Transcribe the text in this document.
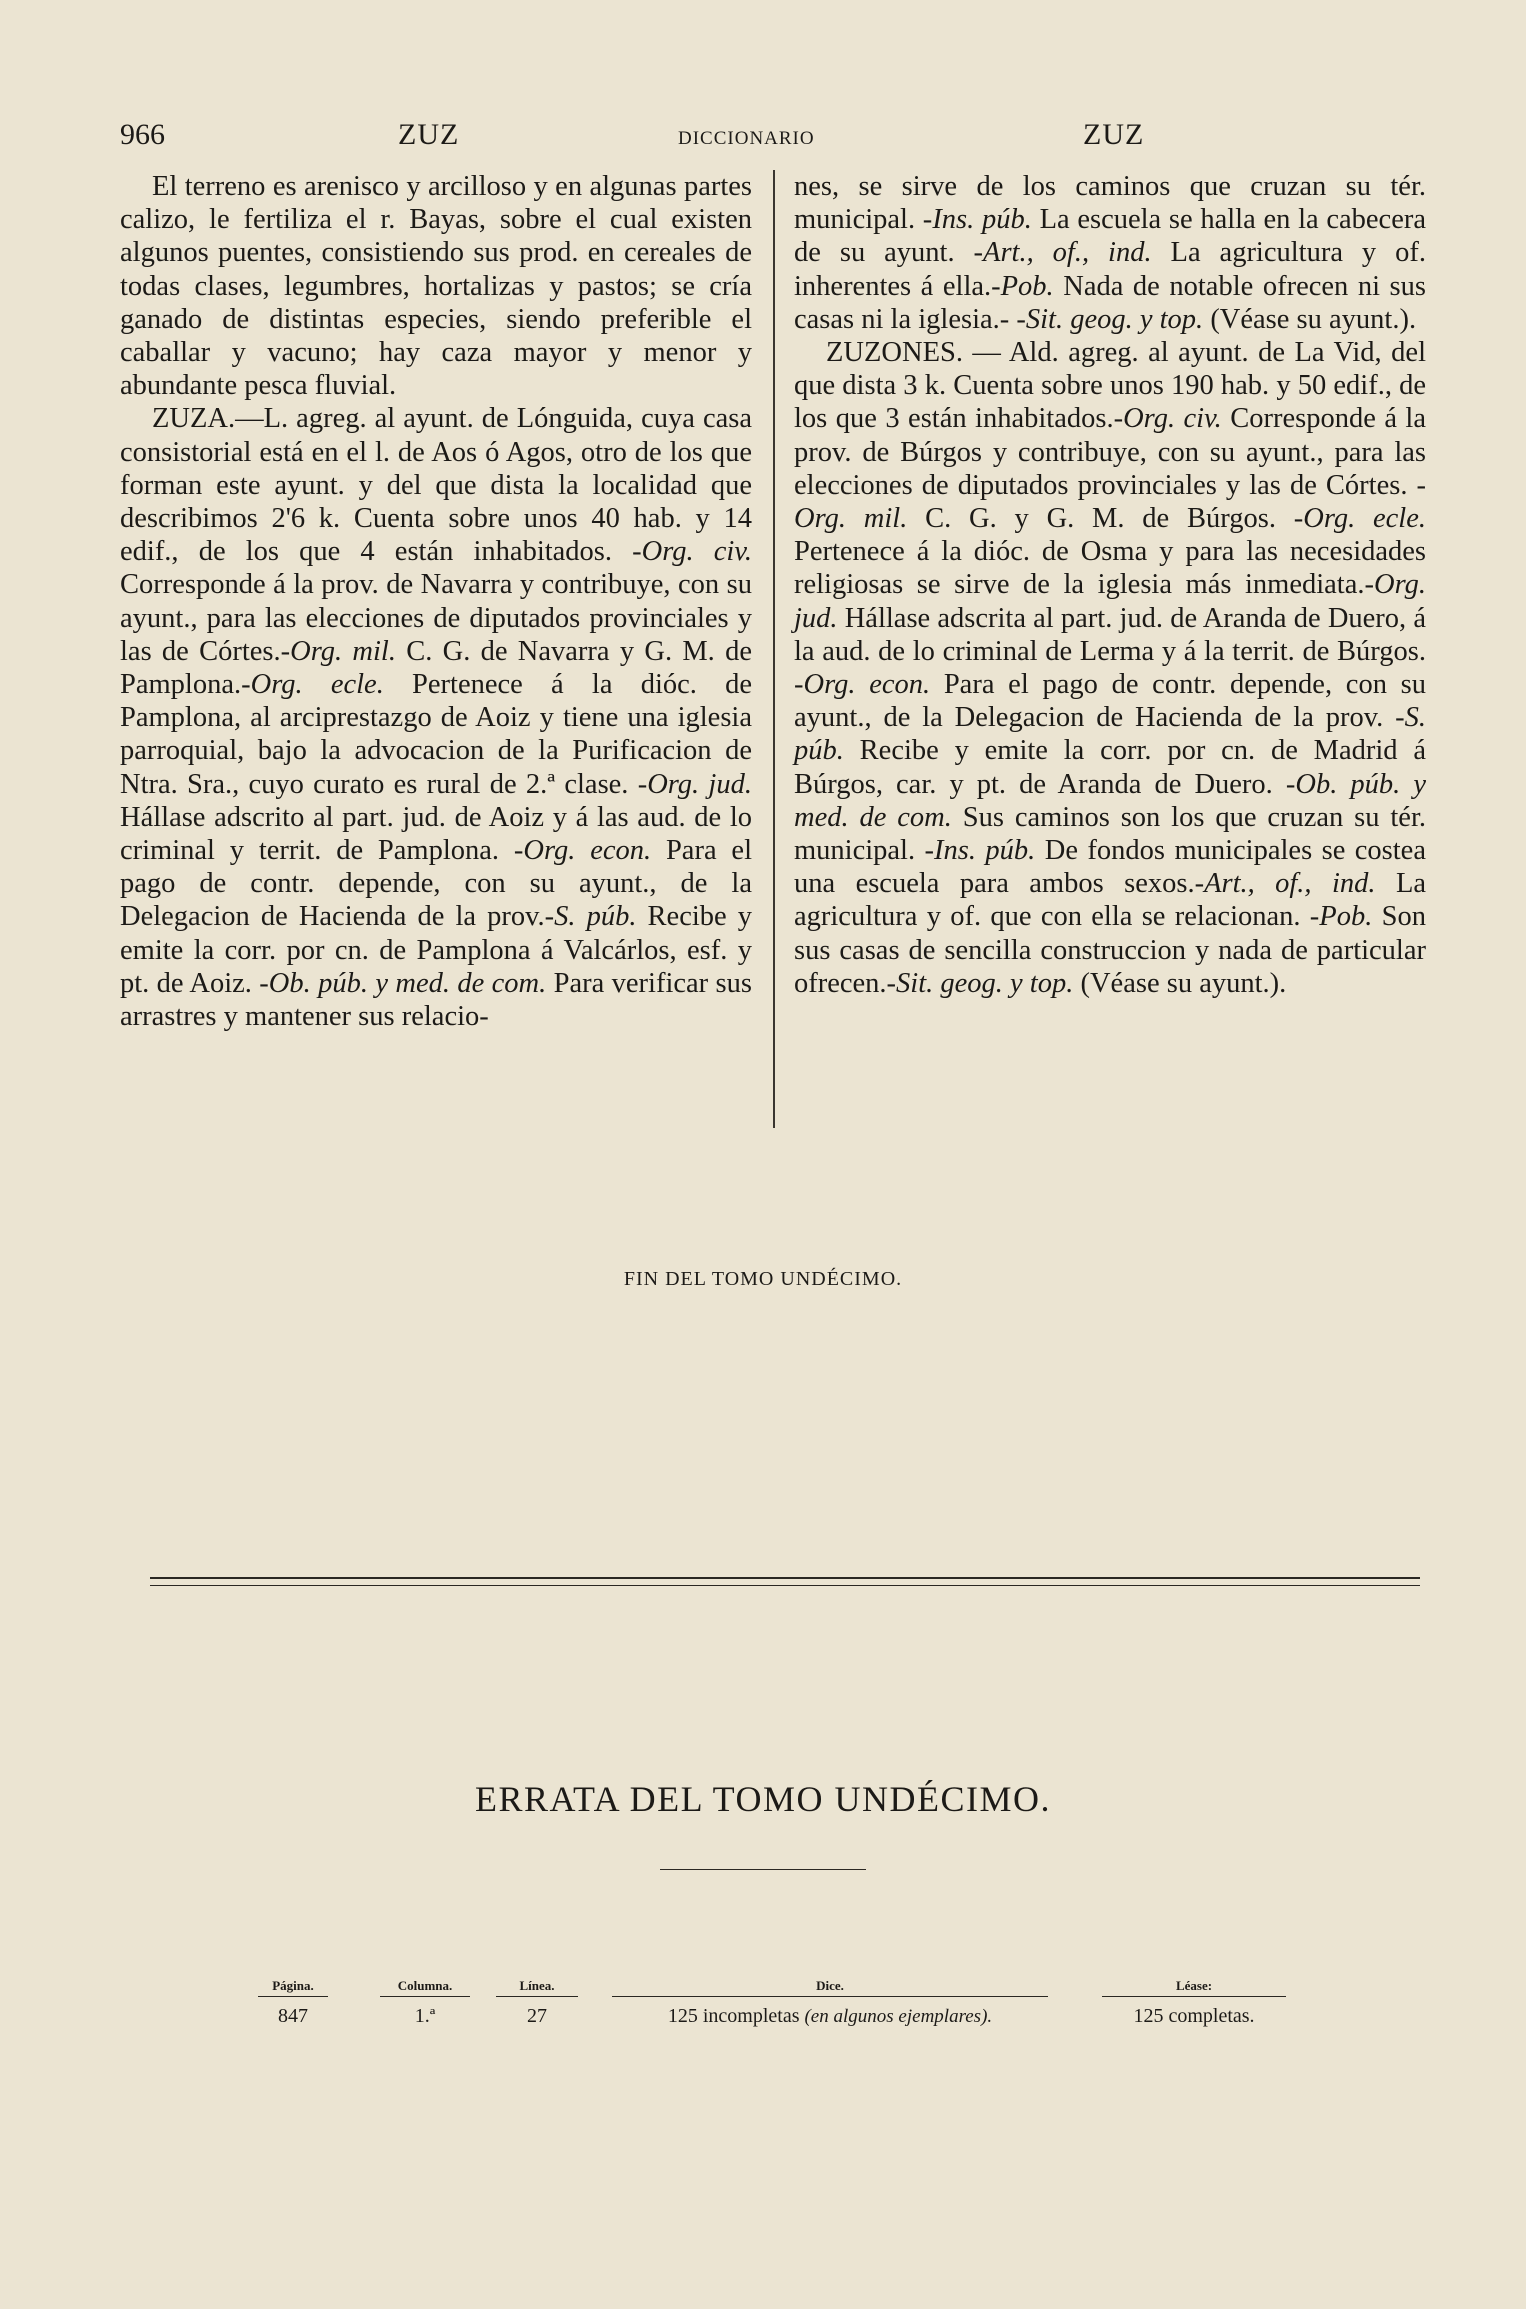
966	ZUZ	DICCIONARIO	ZUZ

El terreno es arenisco y arcilloso y en algunas partes calizo, le fertiliza el r. Bayas, sobre el cual existen algunos puentes, consistiendo sus prod. en cereales de todas clases, legumbres, hortalizas y pastos; se cría ganado de distintas especies, siendo preferible el caballar y vacuno; hay caza mayor y menor y abundante pesca fluvial.

ZUZA.—L. agreg. al ayunt. de Lónguida, cuya casa consistorial está en el l. de Aos ó Agos, otro de los que forman este ayunt. y del que dista la localidad que describimos 2'6 k. Cuenta sobre unos 40 hab. y 14 edif., de los que 4 están inhabitados. -Org. civ. Corresponde á la prov. de Navarra y contribuye, con su ayunt., para las elecciones de diputados provinciales y las de Córtes.-Org. mil. C. G. de Navarra y G. M. de Pamplona.-Org. ecle. Pertenece á la dióc. de Pamplona, al arciprestazgo de Aoiz y tiene una iglesia parroquial, bajo la advocacion de la Purificacion de Ntra. Sra., cuyo curato es rural de 2.ª clase. -Org. jud. Hállase adscrito al part. jud. de Aoiz y á las aud. de lo criminal y territ. de Pamplona. -Org. econ. Para el pago de contr. depende, con su ayunt., de la Delegacion de Hacienda de la prov.-S. púb. Recibe y emite la corr. por cn. de Pamplona á Valcárlos, esf. y pt. de Aoiz. -Ob. púb. y med. de com. Para verificar sus arrastres y mantener sus relacio-

nes, se sirve de los caminos que cruzan su tér. municipal. -Ins. púb. La escuela se halla en la cabecera de su ayunt. -Art., of., ind. La agricultura y of. inherentes á ella.-Pob. Nada de notable ofrecen ni sus casas ni la iglesia.- -Sit. geog. y top. (Véase su ayunt.).

ZUZONES. — Ald. agreg. al ayunt. de La Vid, del que dista 3 k. Cuenta sobre unos 190 hab. y 50 edif., de los que 3 están inhabitados.-Org. civ. Corresponde á la prov. de Búrgos y contribuye, con su ayunt., para las elecciones de diputados provinciales y las de Córtes. -Org. mil. C. G. y G. M. de Búrgos. -Org. ecle. Pertenece á la dióc. de Osma y para las necesidades religiosas se sirve de la iglesia más inmediata.-Org. jud. Hállase adscrita al part. jud. de Aranda de Duero, á la aud. de lo criminal de Lerma y á la territ. de Búrgos. -Org. econ. Para el pago de contr. depende, con su ayunt., de la Delegacion de Hacienda de la prov. -S. púb. Recibe y emite la corr. por cn. de Madrid á Búrgos, car. y pt. de Aranda de Duero. -Ob. púb. y med. de com. Sus caminos son los que cruzan su tér. municipal. -Ins. púb. De fondos municipales se costea una escuela para ambos sexos.-Art., of., ind. La agricultura y of. que con ella se relacionan. -Pob. Son sus casas de sencilla construccion y nada de particular ofrecen.-Sit. geog. y top. (Véase su ayunt.).

FIN DEL TOMO UNDÉCIMO.
ERRATA DEL TOMO UNDÉCIMO.
Página.	Columna.	Línea.	Dice.	Léase:
847	1.ª	27	125 incompletas (en algunos ejemplares).	125 completas.
